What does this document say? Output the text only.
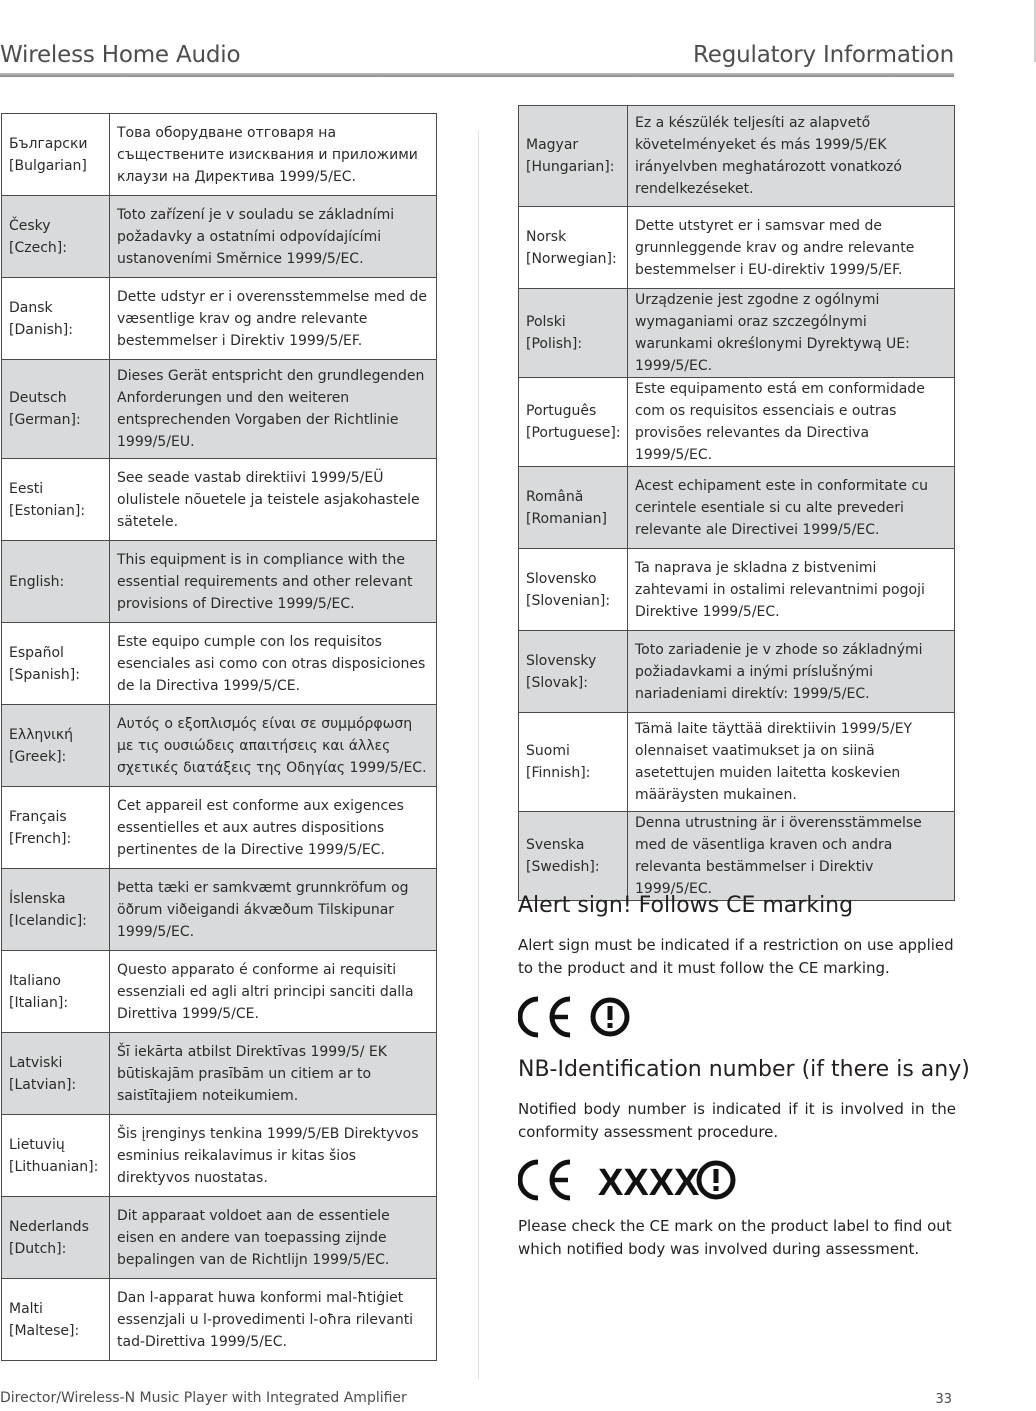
Wireless Home Audio	Regulatory Information
Български
[Bulgarian]	Това оборудване отговаря на съществените изисквания и приложими клаузи на Директива 1999/5/EC.

Česky
[Czech]:	Toto zařízení je v souladu se základními požadavky a ostatními odpovídajícími ustanoveními Směrnice 1999/5/EC.

Dansk
[Danish]:	Dette udstyr er i overensstemmelse med de væsentlige krav og andre relevante bestemmelser i Direktiv 1999/5/EF.

Deutsch
[German]:	Dieses Gerät entspricht den grundlegenden Anforderungen und den weiteren entsprechenden Vorgaben der Richtlinie 1999/5/EU.

Eesti
[Estonian]:	See seade vastab direktiivi 1999/5/EÜ olulistele nõuetele ja teistele asjakohastele sätetele.

English:	This equipment is in compliance with the essential requirements and other relevant provisions of Directive 1999/5/EC.

Español
[Spanish]:	Este equipo cumple con los requisitos esenciales asi como con otras disposiciones de la Directiva 1999/5/CE.

Ελληνική
[Greek]:	Αυτός ο εξοπλισμός είναι σε συμμόρφωση με τις ουσιώδεις απαιτήσεις και άλλες σχετικές διατάξεις της Οδηγίας 1999/5/EC.

Français
[French]:	Cet appareil est conforme aux exigences essentielles et aux autres dispositions pertinentes de la Directive 1999/5/EC.

Íslenska
[Icelandic]:	Þetta tæki er samkvæmt grunnkröfum og öðrum viðeigandi ákvæðum Tilskipunar 1999/5/EC.

Italiano
[Italian]:	Questo apparato é conforme ai requisiti essenziali ed agli altri principi sanciti dalla Direttiva 1999/5/CE.

Latviski
[Latvian]:	Šī iekārta atbilst Direktīvas 1999/5/ EK būtiskajām prasībām un citiem ar to saistītajiem noteikumiem.

Lietuvių
[Lithuanian]:	Šis įrenginys tenkina 1999/5/EB Direktyvos esminius reikalavimus ir kitas šios direktyvos nuostatas.

Nederlands
[Dutch]:	Dit apparaat voldoet aan de essentiele eisen en andere van toepassing zijnde bepalingen van de Richtlijn 1999/5/EC.

Malti
[Maltese]:	Dan l-apparat huwa konformi mal-ħtiġiet essenzjali u l-provedimenti l-oħra rilevanti tad-Direttiva 1999/5/EC.
Magyar
[Hungarian]:	Ez a készülék teljesíti az alapvető követelményeket és más 1999/5/EK irányelvben meghatározott vonatkozó rendelkezéseket.

Norsk
[Norwegian]:	Dette utstyret er i samsvar med de grunnleggende krav og andre relevante bestemmelser i EU-direktiv 1999/5/EF.

Polski
[Polish]:	Urządzenie jest zgodne z ogólnymi wymaganiami oraz szczególnymi warunkami określonymi Dyrektywą UE: 1999/5/EC.

Português
[Portuguese]:	Este equipamento está em conformidade com os requisitos essenciais e outras provisões relevantes da Directiva 1999/5/EC.

Română
[Romanian]	Acest echipament este in conformitate cu cerintele esentiale si cu alte prevederi relevante ale Directivei 1999/5/EC.

Slovensko
[Slovenian]:	Ta naprava je skladna z bistvenimi zahtevami in ostalimi relevantnimi pogoji Direktive 1999/5/EC.

Slovensky
[Slovak]:	Toto zariadenie je v zhode so základnými požiadavkami a inými príslušnými nariadeniami direktív: 1999/5/EC.

Suomi
[Finnish]:	Tämä laite täyttää direktiivin 1999/5/EY olennaiset vaatimukset ja on siinä asetettujen muiden laitetta koskevien määräysten mukainen.

Svenska
[Swedish]:	Denna utrustning är i överensstämmelse med de väsentliga kraven och andra relevanta bestämmelser i Direktiv 1999/5/EC.
Alert sign! Follows CE marking
Alert sign must be indicated if a restriction on use applied to the product and it must follow the CE marking.
NB-Identification number (if there is any)
Notified body number is indicated if it is involved in the conformity assessment procedure.
XXXX
Please check the CE mark on the product label to find out which notified body was involved during assessment.
Director/Wireless-N Music Player with Integrated Amplifier	33
